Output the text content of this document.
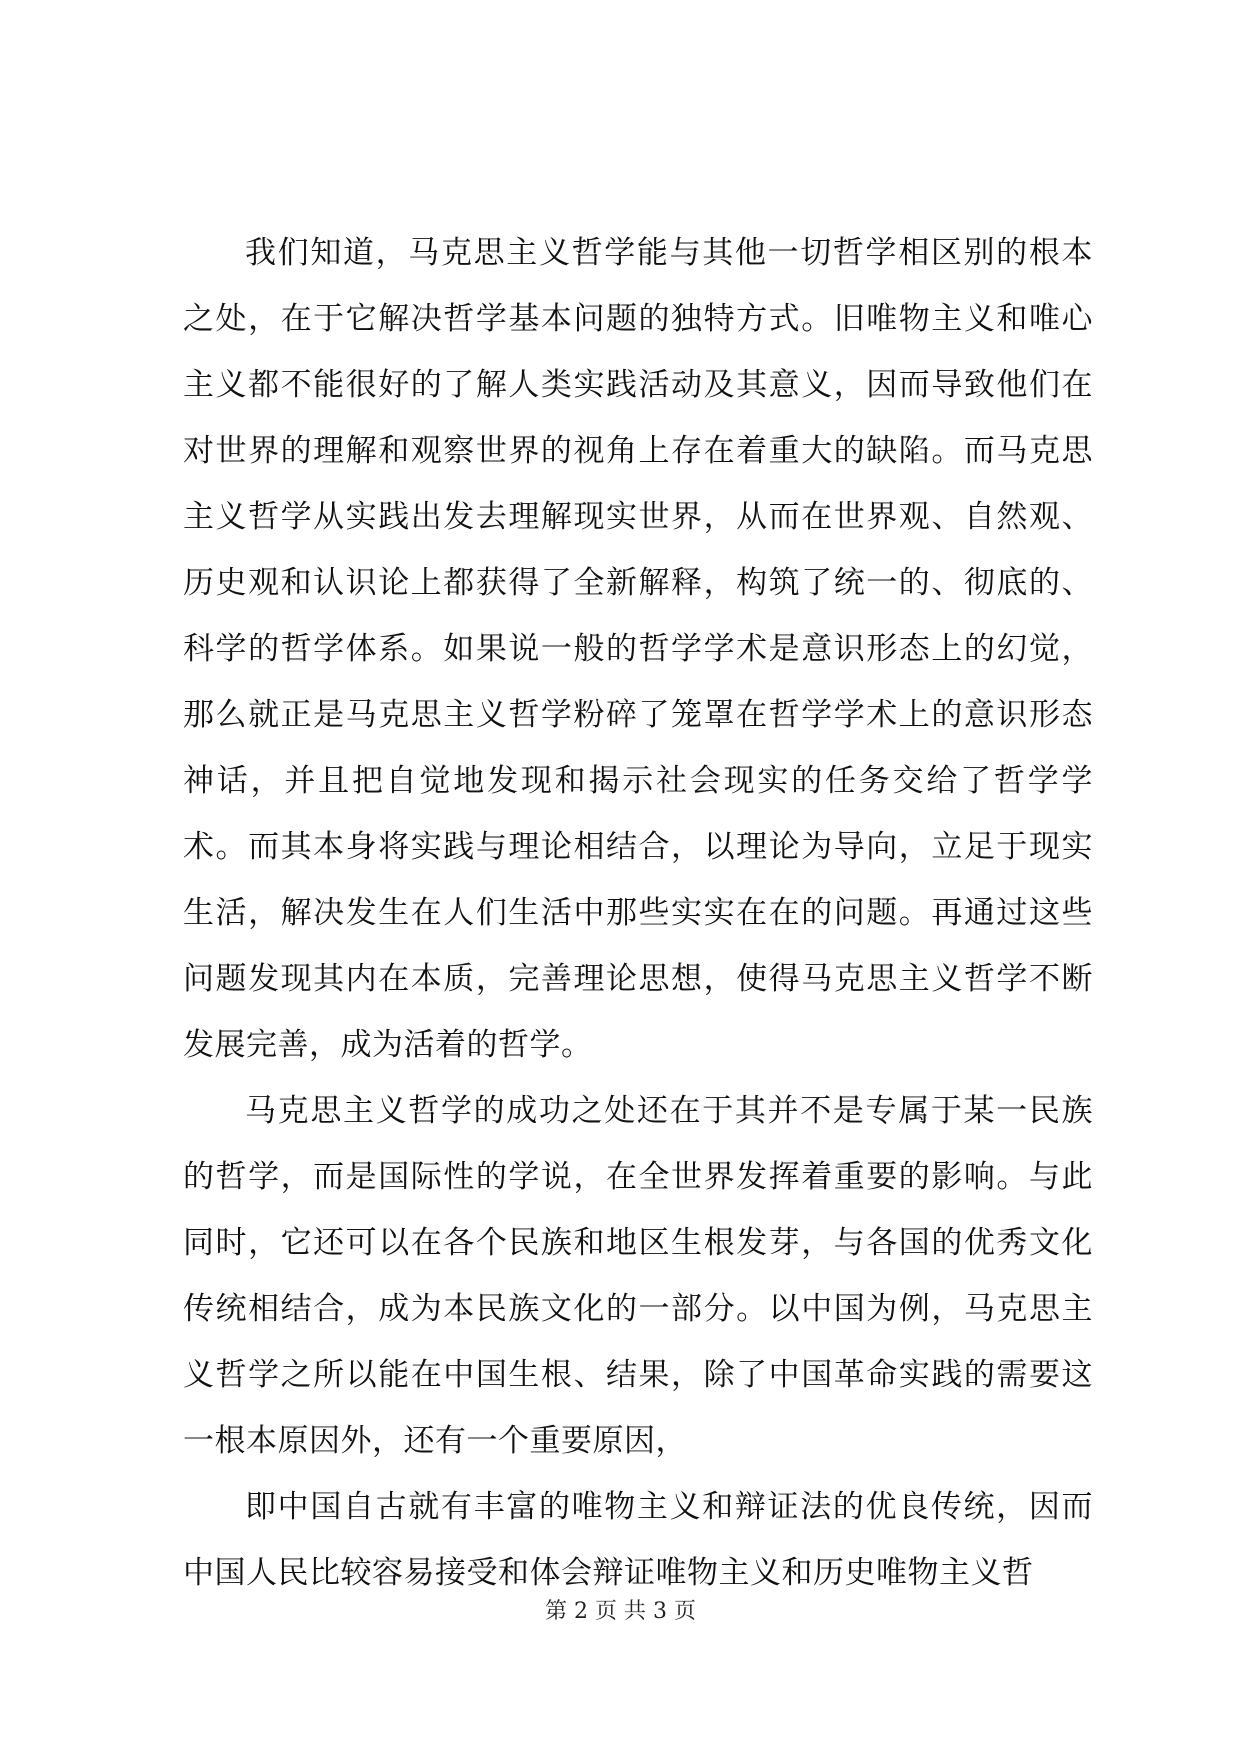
我们知道，马克思主义哲学能与其他一切哲学相区别的根本之处，在于它解决哲学基本问题的独特方式。旧唯物主义和唯心主义都不能很好的了解人类实践活动及其意义，因而导致他们在对世界的理解和观察世界的视角上存在着重大的缺陷。而马克思主义哲学从实践出发去理解现实世界，从而在世界观、自然观、历史观和认识论上都获得了全新解释，构筑了统一的、彻底的、科学的哲学体系。如果说一般的哲学学术是意识形态上的幻觉，那么就正是马克思主义哲学粉碎了笼罩在哲学学术上的意识形态神话，并且把自觉地发现和揭示社会现实的任务交给了哲学学术。而其本身将实践与理论相结合，以理论为导向，立足于现实生活，解决发生在人们生活中那些实实在在的问题。再通过这些问题发现其内在本质，完善理论思想，使得马克思主义哲学不断发展完善，成为活着的哲学。

马克思主义哲学的成功之处还在于其并不是专属于某一民族的哲学，而是国际性的学说，在全世界发挥着重要的影响。与此同时，它还可以在各个民族和地区生根发芽，与各国的优秀文化传统相结合，成为本民族文化的一部分。以中国为例，马克思主义哲学之所以能在中国生根、结果，除了中国革命实践的需要这一根本原因外，还有一个重要原因，

即中国自古就有丰富的唯物主义和辩证法的优良传统，因而中国人民比较容易接受和体会辩证唯物主义和历史唯物主义哲

第 2 页 共 3 页
